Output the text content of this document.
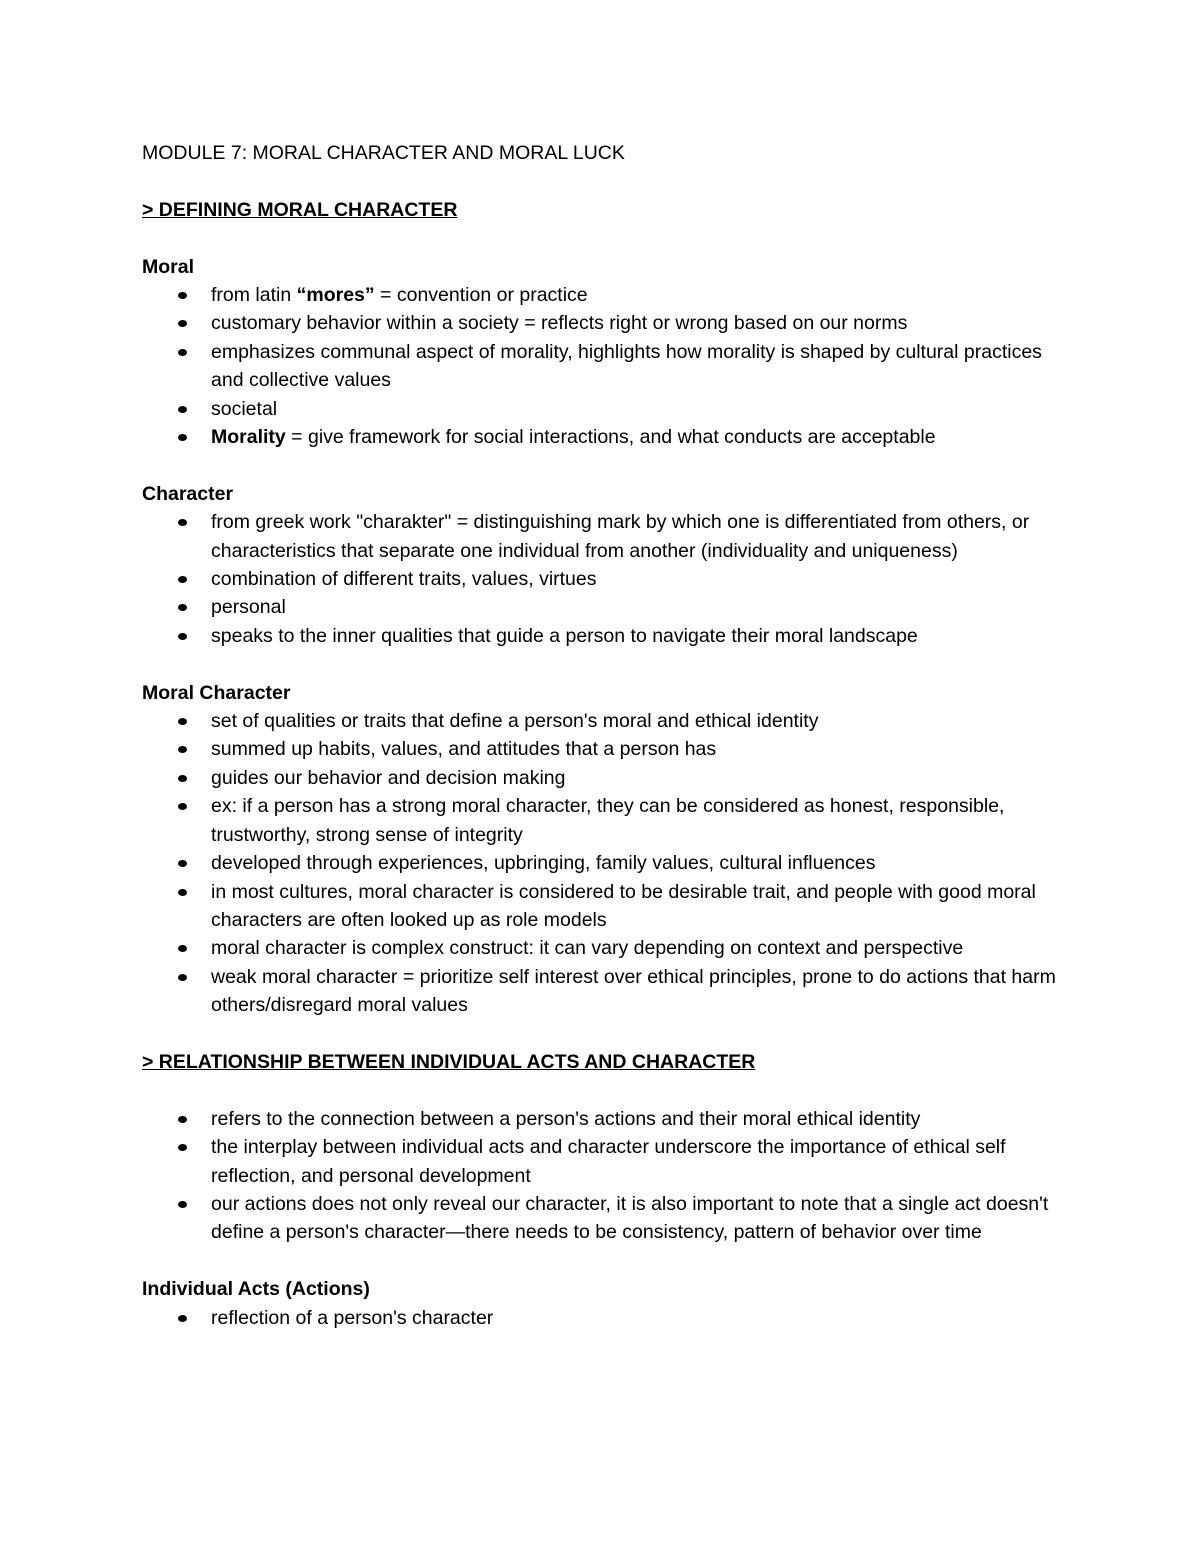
MODULE 7: MORAL CHARACTER AND MORAL LUCK
> DEFINING MORAL CHARACTER
Moral
from latin “mores” = convention or practice
customary behavior within a society = reflects right or wrong based on our norms
emphasizes communal aspect of morality, highlights how morality is shaped by cultural practices and collective values
societal
Morality = give framework for social interactions, and what conducts are acceptable
Character
from greek work "charakter" = distinguishing mark by which one is differentiated from others, or characteristics that separate one individual from another (individuality and uniqueness)
combination of different traits, values, virtues
personal
speaks to the inner qualities that guide a person to navigate their moral landscape
Moral Character
set of qualities or traits that define a person's moral and ethical identity
summed up habits, values, and attitudes that a person has
guides our behavior and decision making
ex: if a person has a strong moral character, they can be considered as honest, responsible, trustworthy, strong sense of integrity
developed through experiences, upbringing, family values, cultural influences
in most cultures, moral character is considered to be desirable trait, and people with good moral characters are often looked up as role models
moral character is complex construct: it can vary depending on context and perspective
weak moral character = prioritize self interest over ethical principles, prone to do actions that harm others/disregard moral values
> RELATIONSHIP BETWEEN INDIVIDUAL ACTS AND CHARACTER
refers to the connection between a person's actions and their moral ethical identity
the interplay between individual acts and character underscore the importance of ethical self reflection, and personal development
our actions does not only reveal our character, it is also important to note that a single act doesn't define a person's character—there needs to be consistency, pattern of behavior over time
Individual Acts (Actions)
reflection of a person's character
